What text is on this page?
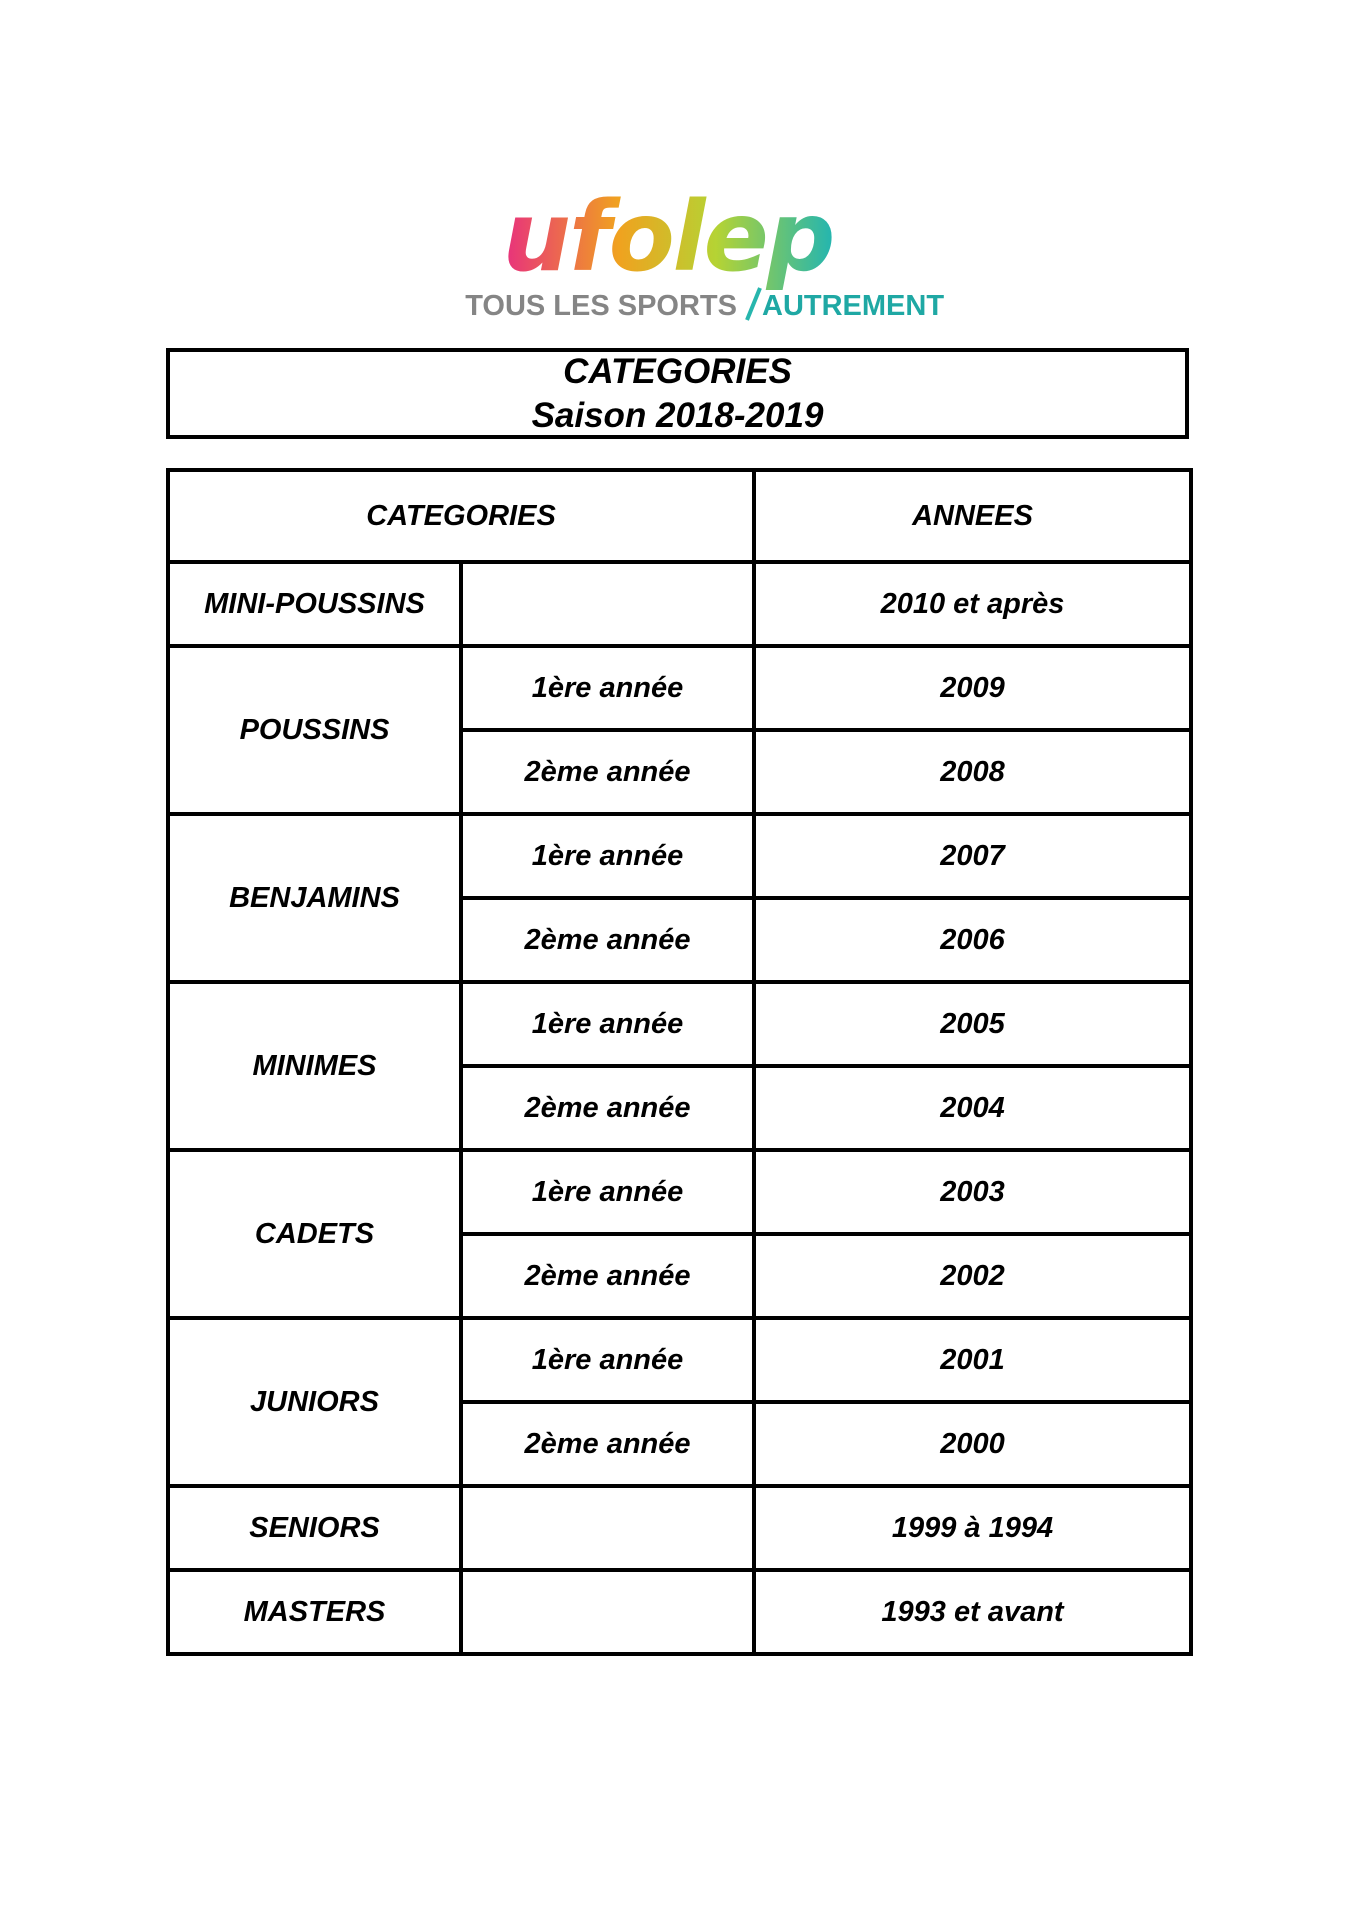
ufolep
TOUS LES SPORTS AUTREMENT
CATEGORIES
Saison 2018-2019
CATEGORIES		ANNEES
MINI-POUSSINS		2010 et après
POUSSINS	1ère année	2009
	2ème année	2008
BENJAMINS	1ère année	2007
	2ème année	2006
MINIMES	1ère année	2005
	2ème année	2004
CADETS	1ère année	2003
	2ème année	2002
JUNIORS	1ère année	2001
	2ème année	2000
SENIORS		1999 à 1994
MASTERS		1993 et avant
